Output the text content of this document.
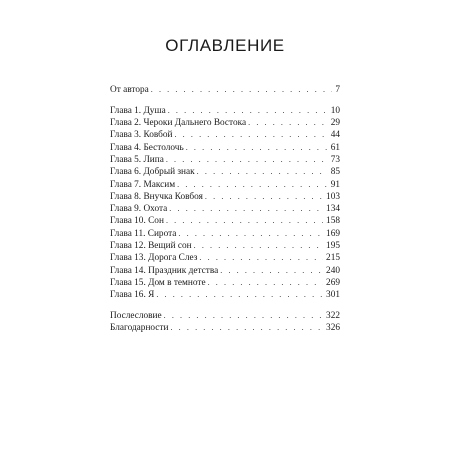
ОГЛАВЛЕНИЕ
От автора . . .	7
Глава 1. Душа . . .	10
Глава 2. Чероки Дальнего Востока . . .	29
Глава 3. Ковбой . . .	44
Глава 4. Бестолочь . . .	61
Глава 5. Липа . . .	73
Глава 6. Добрый знак . . .	85
Глава 7. Максим . . .	91
Глава 8. Внучка Ковбоя . . .	103
Глава 9. Охота . . .	134
Глава 10. Сон . . .	158
Глава 11. Сирота . . .	169
Глава 12. Вещий сон . . .	195
Глава 13. Дорога Слез . . .	215
Глава 14. Праздник детства . . .	240
Глава 15. Дом в темноте . . .	269
Глава 16. Я . . .	301
Послесловие . . .	322
Благодарности . . .	326
